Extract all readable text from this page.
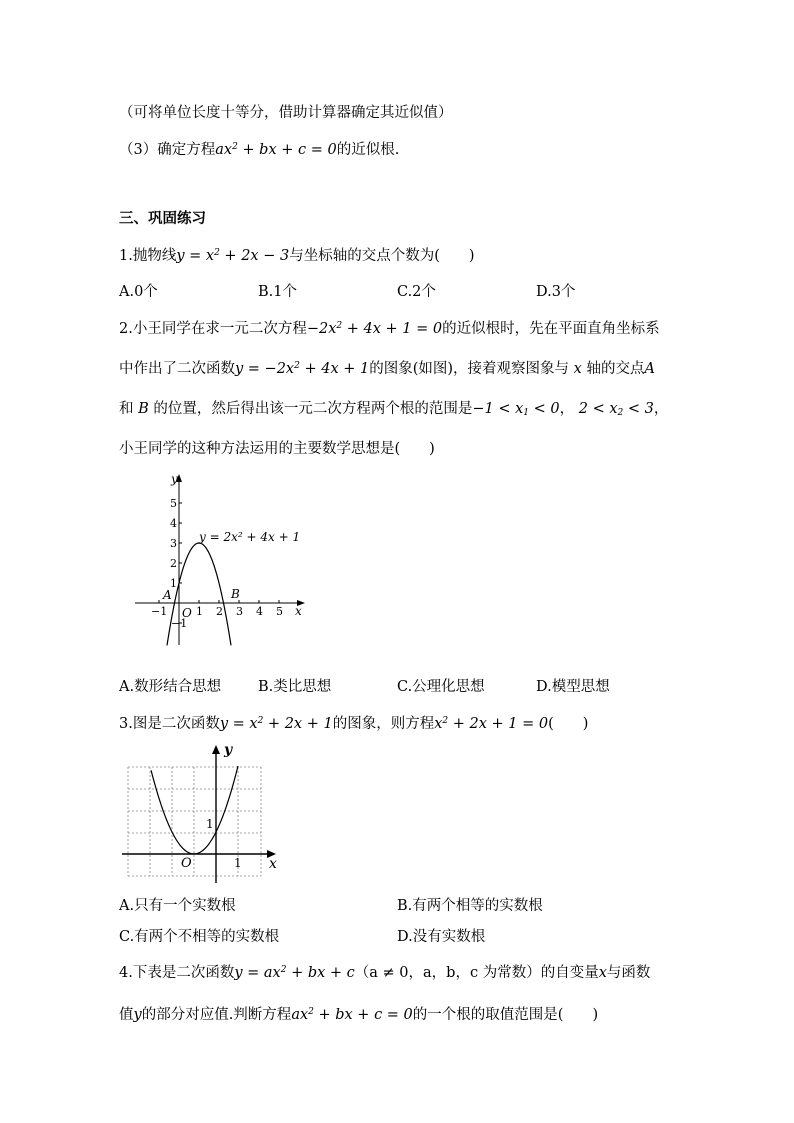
（可将单位长度十等分，借助计算器确定其近似值）
（3）确定方程$ax^2$ + bx + c = 0的近似根.
三、巩固练习
1.抛物线$y = x^2 + 2x - 3$与坐标轴的交点个数为(　　)
A.0个	B.1个	C.2个	D.3个
2.小王同学在求一元二次方程$-2x^2 + 4x + 1 = 0$的近似根时，先在平面直角坐标系
中作出了二次函数$y = -2x^2 + 4x + 1$的图象(如图)，接着观察图象与 x 轴的交点A
和 B 的位置，然后得出该一元二次方程两个根的范围是$-1 < x_1 < 0$， $2 < x_2 < 3$，
小王同学的这种方法运用的主要数学思想是(　　)
−1	1 2 3 4 5
1
2
3
4
5
−1
y
x
O
A	B
y = 2x² + 4x + 1
A.数形结合思想	B.类比思想	C.公理化思想	D.模型思想
3.图是二次函数$y = x^2 + 2x + 1$的图象，则方程$x^2 + 2x + 1 = 0$(　　)
y
x
O
1
1
A.只有一个实数根	B.有两个相等的实数根
C.有两个不相等的实数根	D.没有实数根
4.下表是二次函数$y = ax^2$ + bx + c（a ≠ 0，a，b，c 为常数）的自变量x与函数
值y的部分对应值.判断方程$ax^2$ + bx + c = 0的一个根的取值范围是(　　)
